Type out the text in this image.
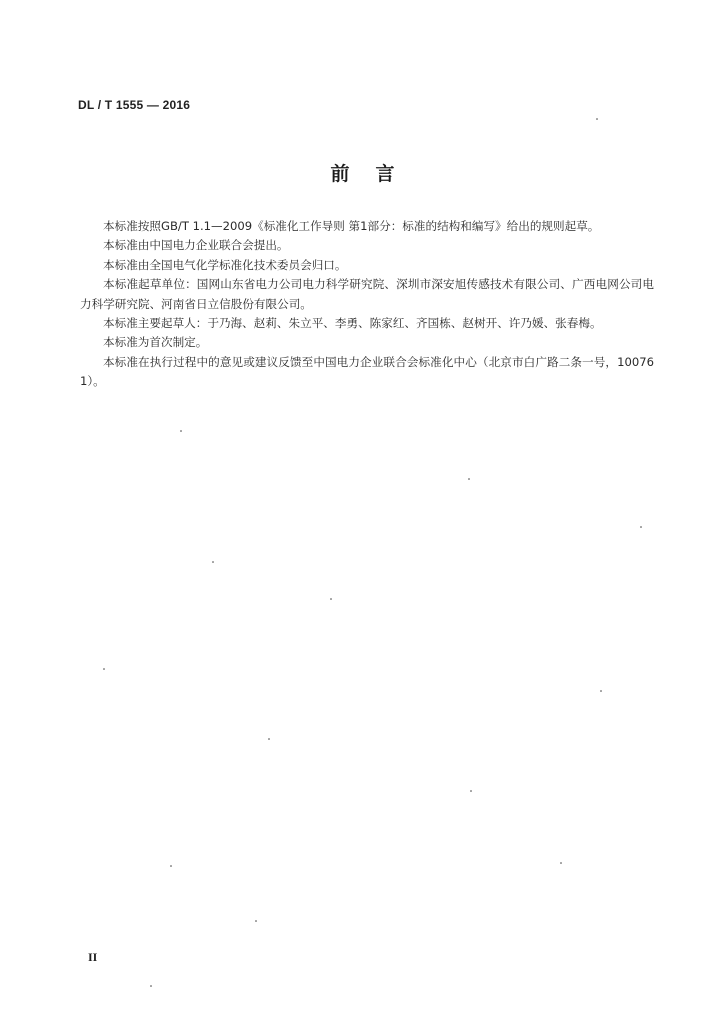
DL / T 1555 — 2016
前言

本标准按照GB/T 1.1—2009《标准化工作导则 第1部分：标准的结构和编写》给出的规则起草。

本标准由中国电力企业联合会提出。

本标准由全国电气化学标准化技术委员会归口。

本标准起草单位：国网山东省电力公司电力科学研究院、深圳市深安旭传感技术有限公司、广西电网公司电力科学研究院、河南省日立信股份有限公司。

本标准主要起草人：于乃海、赵莉、朱立平、李勇、陈家红、齐国栋、赵树开、许乃媛、张春梅。

本标准为首次制定。

本标准在执行过程中的意见或建议反馈至中国电力企业联合会标准化中心（北京市白广路二条一号，100761）。

II
